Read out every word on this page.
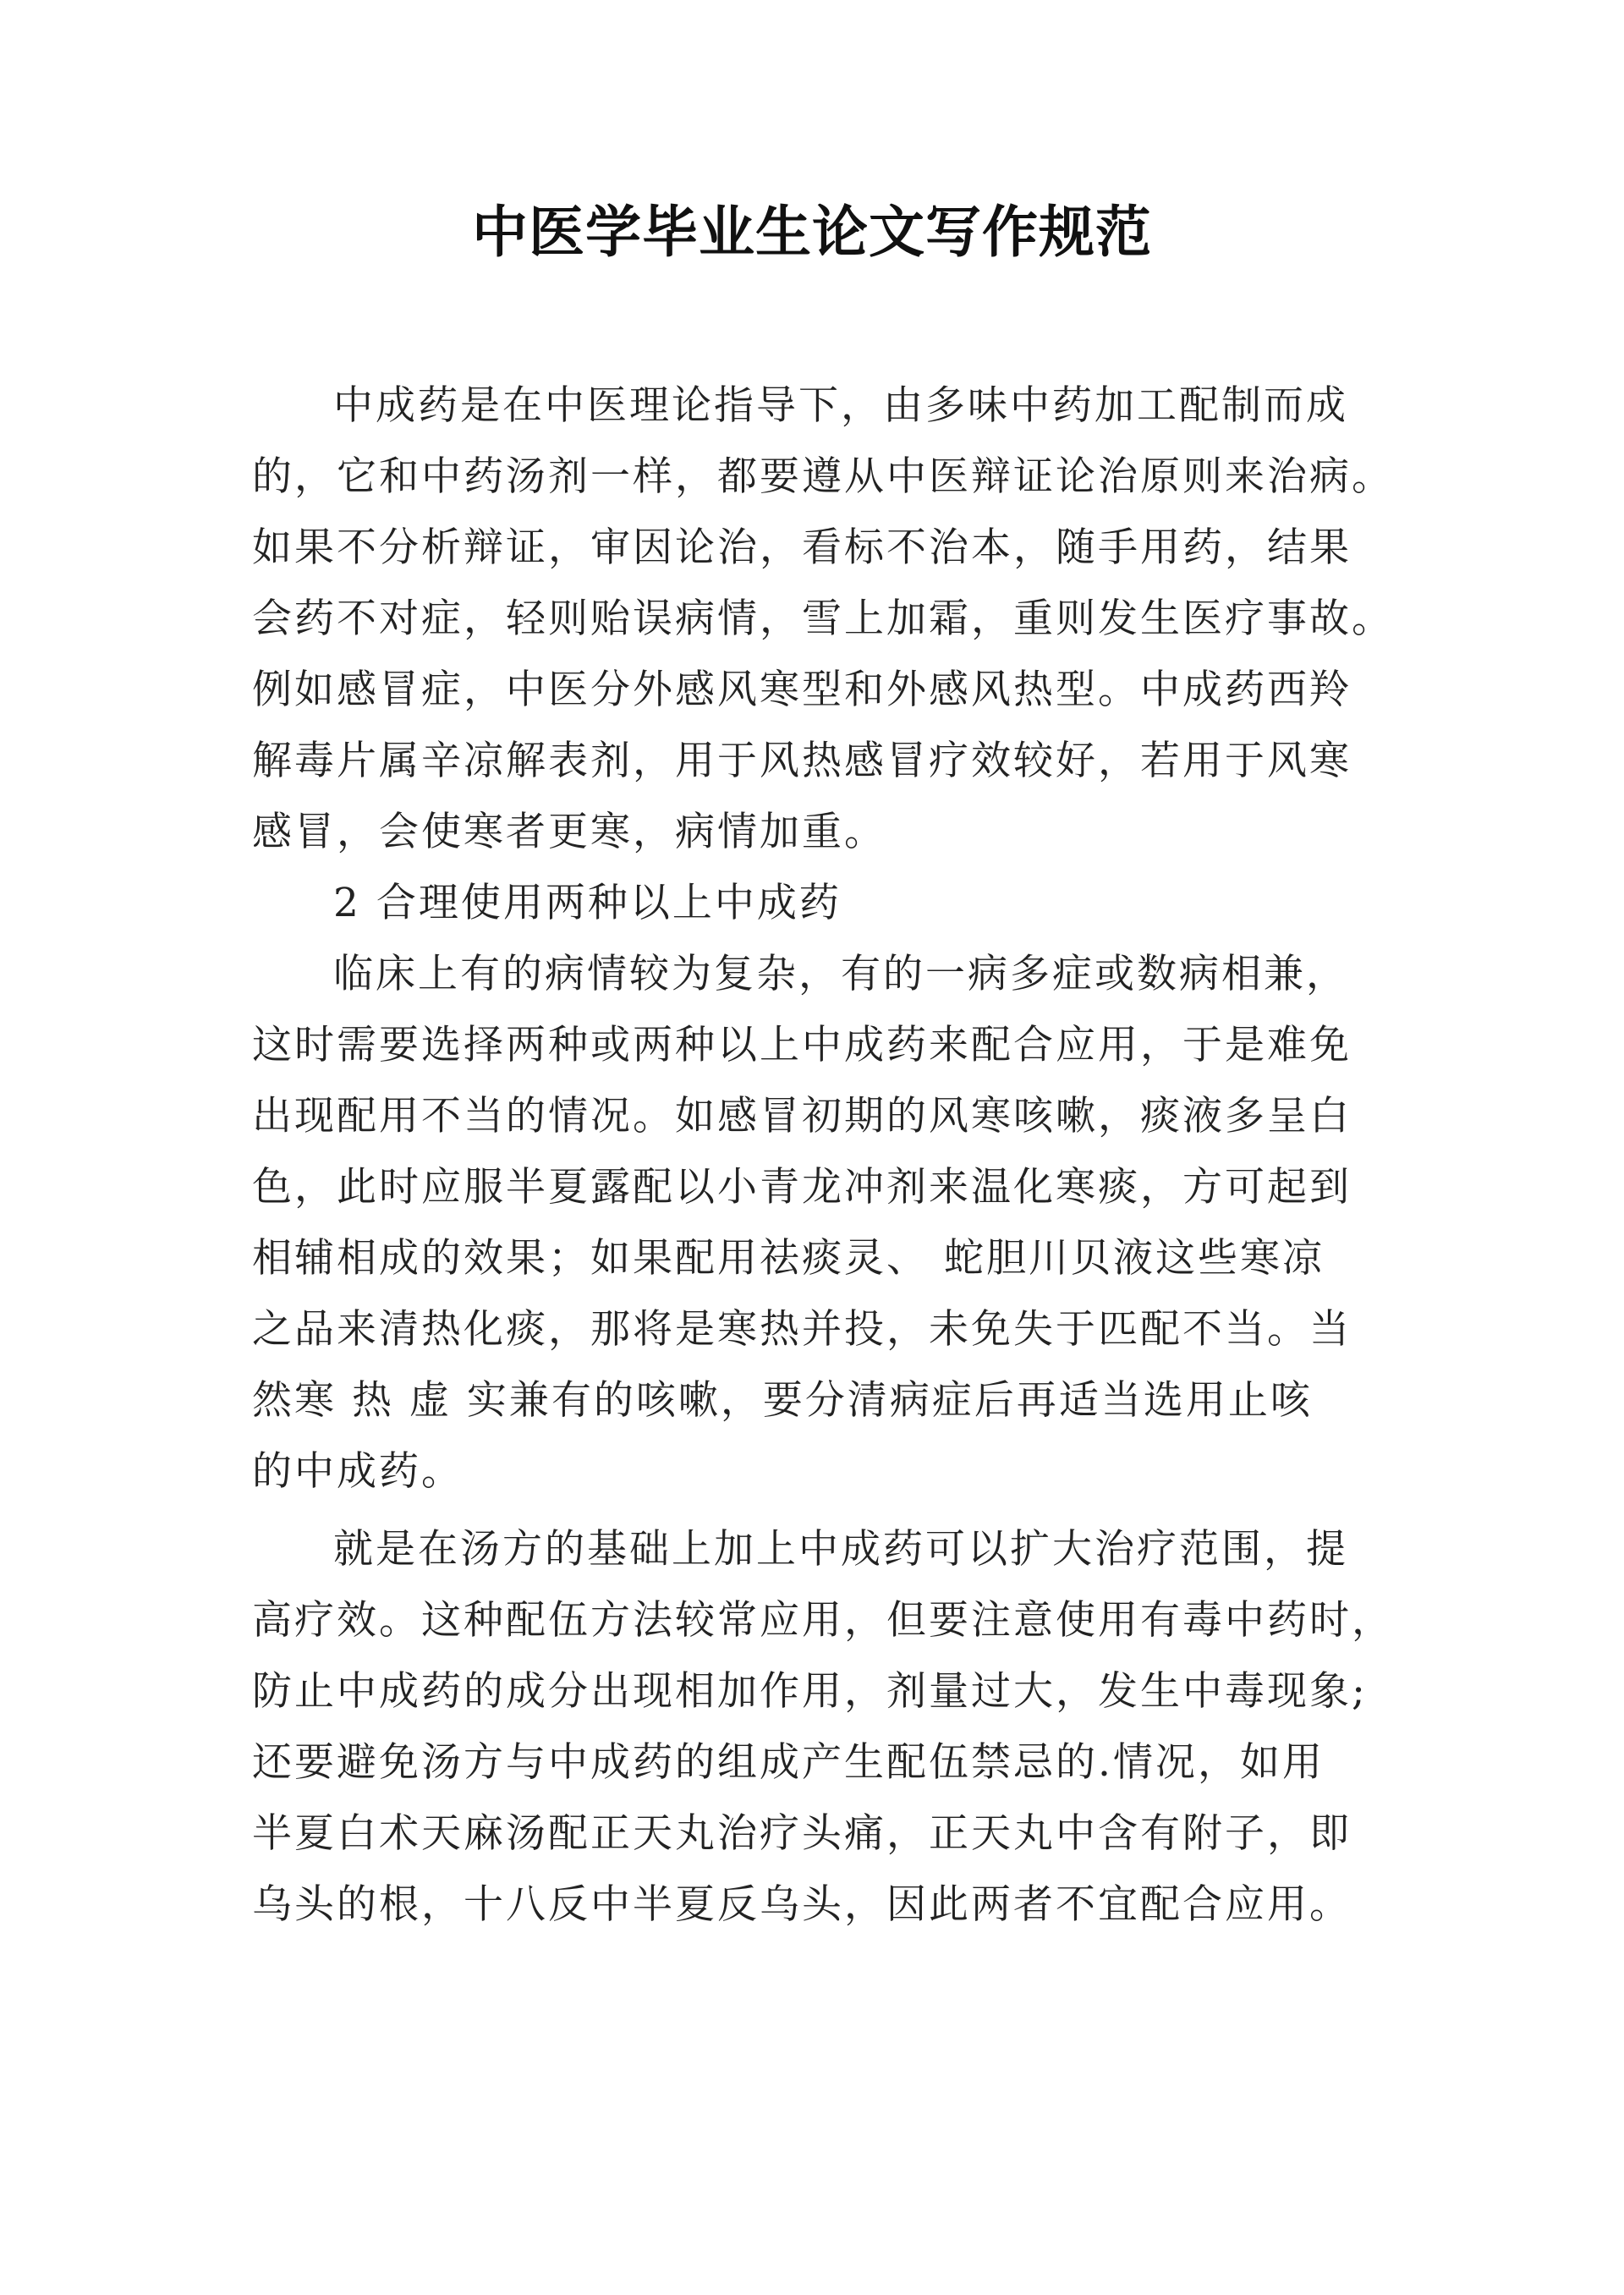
中医学毕业生论文写作规范
中成药是在中医理论指导下，由多味中药加工配制而成
的，它和中药汤剂一样，都要遵从中医辩证论治原则来治病。
如果不分析辩证，审因论治，看标不治本，随手用药，结果
会药不对症，轻则贻误病情，雪上加霜，重则发生医疗事故。
例如感冒症，中医分外感风寒型和外感风热型。中成药西羚
解毒片属辛凉解表剂，用于风热感冒疗效较好，若用于风寒
感冒，会使寒者更寒，病情加重。
2 合理使用两种以上中成药
临床上有的病情较为复杂，有的一病多症或数病相兼，
这时需要选择两种或两种以上中成药来配合应用，于是难免
出现配用不当的情况。如感冒初期的风寒咳嗽，痰液多呈白
色，此时应服半夏露配以小青龙冲剂来温化寒痰，方可起到
相辅相成的效果；如果配用祛痰灵、 蛇胆川贝液这些寒凉
之品来清热化痰，那将是寒热并投，未免失于匹配不当。当
然寒 热 虚 实兼有的咳嗽，要分清病症后再适当选用止咳
的中成药。
就是在汤方的基础上加上中成药可以扩大治疗范围，提
高疗效。这种配伍方法较常应用，但要注意使用有毒中药时，
防止中成药的成分出现相加作用，剂量过大，发生中毒现象;
还要避免汤方与中成药的组成产生配伍禁忌的.情况，如用
半夏白术天麻汤配正天丸治疗头痛，正天丸中含有附子，即
乌头的根，十八反中半夏反乌头，因此两者不宜配合应用。
